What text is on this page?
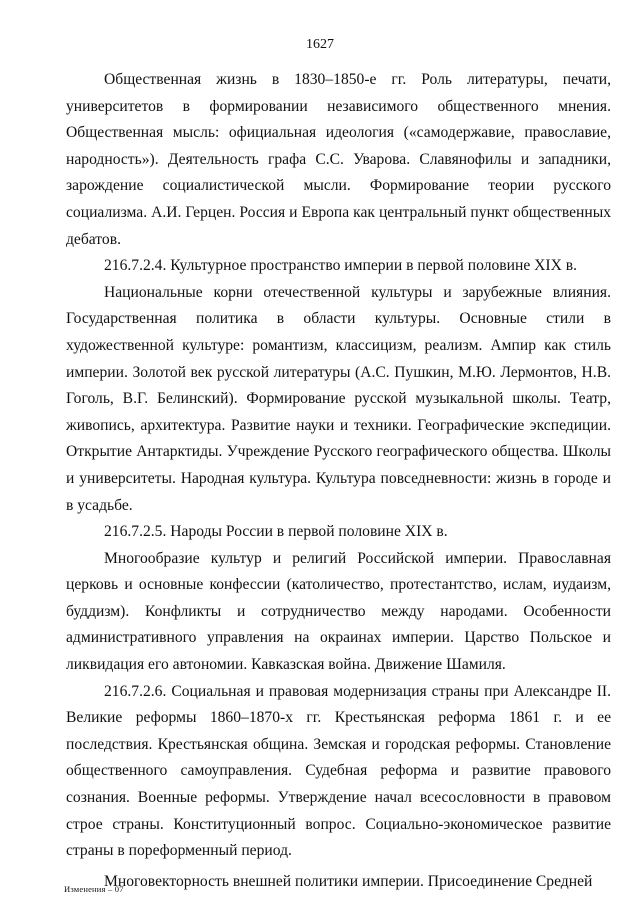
1627

Общественная жизнь в 1830–1850-е гг. Роль литературы, печати, университетов в формировании независимого общественного мнения. Общественная мысль: официальная идеология («самодержавие, православие, народность»). Деятельность графа С.С. Уварова. Славянофилы и западники, зарождение социалистической мысли. Формирование теории русского социализма. А.И. Герцен. Россия и Европа как центральный пункт общественных дебатов.

216.7.2.4. Культурное пространство империи в первой половине XIX в.

Национальные корни отечественной культуры и зарубежные влияния. Государственная политика в области культуры. Основные стили в художественной культуре: романтизм, классицизм, реализм. Ампир как стиль империи. Золотой век русской литературы (А.С. Пушкин, М.Ю. Лермонтов, Н.В. Гоголь, В.Г. Белинский). Формирование русской музыкальной школы. Театр, живопись, архитектура. Развитие науки и техники. Географические экспедиции. Открытие Антарктиды. Учреждение Русского географического общества. Школы и университеты. Народная культура. Культура повседневности: жизнь в городе и в усадьбе.

216.7.2.5. Народы России в первой половине XIX в.

Многообразие культур и религий Российской империи. Православная церковь и основные конфессии (католичество, протестантство, ислам, иудаизм, буддизм). Конфликты и сотрудничество между народами. Особенности административного управления на окраинах империи. Царство Польское и ликвидация его автономии. Кавказская война. Движение Шамиля.

216.7.2.6. Социальная и правовая модернизация страны при Александре II. Великие реформы 1860–1870-х гг. Крестьянская реформа 1861 г. и ее последствия. Крестьянская община. Земская и городская реформы. Становление общественного самоуправления. Судебная реформа и развитие правового сознания. Военные реформы. Утверждение начал всесословности в правовом строе страны. Конституционный вопрос. Социально-экономическое развитие страны в пореформенный период.

Многовекторность внешней политики империи. Присоединение Средней

Изменения – 07
